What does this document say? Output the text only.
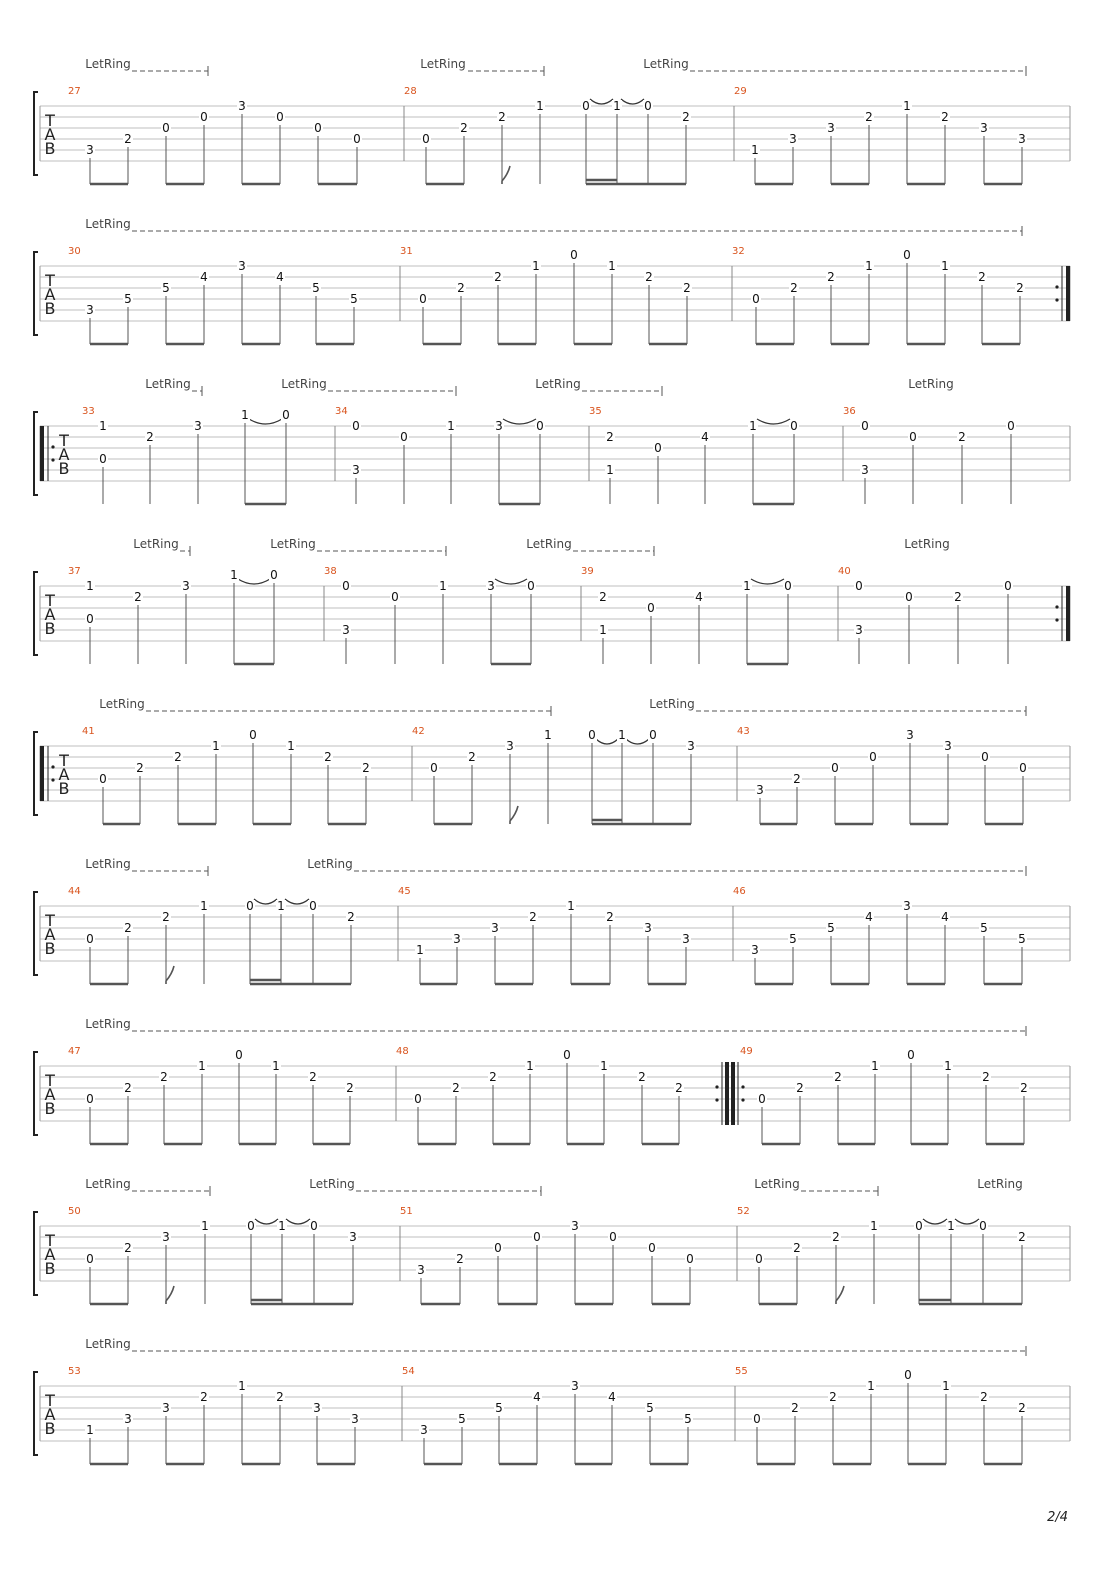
T
A
B
27	28	29
LetRing	LetRing	LetRing
3
2
0
0
3
0
0
0	0
2
2
1	0 1 0
2
1
3
3
2
1
2
3
3
T
A
B
30	31	32
LetRing
3
5
5
4
3
4
5
5	0
2
2
1
0
1
2
2
0
2
2
1
0
1
2
2
T
A
B
33	34	35	36
LetRing	LetRing	LetRing	LetRing
0
1
2
3
1	0
3
0
0
1	3	0
1
2
0
4
1	0
3
0
0	2
0
T
A
B
37	38	39	40
LetRing	LetRing	LetRing	LetRing
0
1
2
3
1	0
3
0
0
1	3	0
1
2
0
4
1	0
3
0
0	2
0
T
A
B
41	42	43
LetRing	LetRing
0
2
2
1
0
1
2
2	0
2
3
1	0 1 0
3
3
2
0
0
3
3
0
0
T
A
B
44	45	46
LetRing	LetRing
0
2
2
1	0 1 0
2
1
3
3
2
1
2
3
3
3
5
5
4
3
4
5
5
T
A
B
47	48	49
LetRing
0
2
2
1
0
1
2
2
0
2
2
1
0
1
2
2
0
2
2
1
0
1
2
2
T
A
B
50	51	52
LetRing	LetRing	LetRing	LetRing
0
2
3
1	0 1 0
3
3
2
0
0
3
0
0
0	0
2
2
1	0 1 0
2
T
A
B
53	54	55
LetRing
1
3
3
2
1
2
3
3
3
5
5
4
3
4
5
5	0
2
2
1
0
1
2
2
2/4
